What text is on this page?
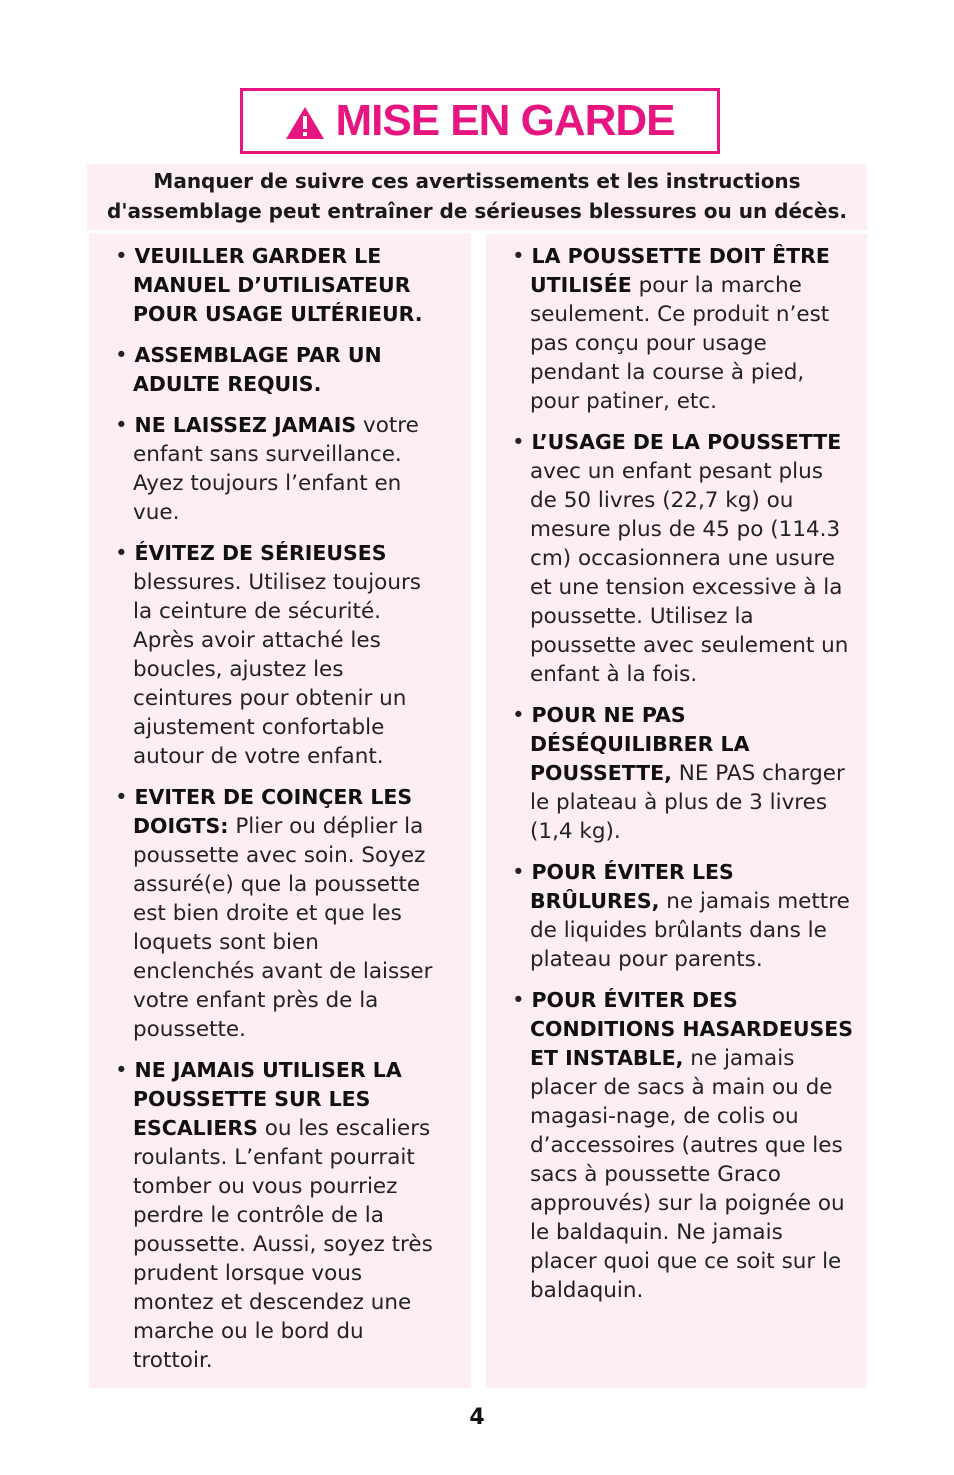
MISE EN GARDE
Manquer de suivre ces avertissements et les instructions
d'assemblage peut entraîner de sérieuses blessures ou un décès.
• VEUILLER GARDER LE MANUEL D’UTILISATEUR POUR USAGE ULTÉRIEUR.
• ASSEMBLAGE PAR UN ADULTE REQUIS.
• NE LAISSEZ JAMAIS votre enfant sans surveillance. Ayez toujours l’enfant en vue.
• ÉVITEZ DE SÉRIEUSES blessures. Utilisez toujours la ceinture de sécurité. Après avoir attaché les boucles, ajustez les ceintures pour obtenir un ajustement confortable autour de votre enfant.
• EVITER DE COINÇER LES DOIGTS: Plier ou déplier la poussette avec soin. Soyez assuré(e) que la poussette est bien droite et que les loquets sont bien enclenchés avant de laisser votre enfant près de la poussette.
• NE JAMAIS UTILISER LA POUSSETTE SUR LES ESCALIERS ou les escaliers roulants. L’enfant pourrait tomber ou vous pourriez perdre le contrôle de la poussette. Aussi, soyez très prudent lorsque vous montez et descendez une marche ou le bord du trottoir.
• LA POUSSETTE DOIT ÊTRE UTILISÉE pour la marche seulement. Ce produit n’est pas conçu pour usage pendant la course à pied, pour patiner, etc.
• L’USAGE DE LA POUSSETTE avec un enfant pesant plus de 50 livres (22,7 kg) ou mesure plus de 45 po (114.3 cm) occasionnera une usure et une tension excessive à la poussette. Utilisez la poussette avec seulement un enfant à la fois.
• POUR NE PAS DÉSÉQUILIBRER LA POUSSETTE, NE PAS charger le plateau à plus de 3 livres (1,4 kg).
• POUR ÉVITER LES BRÛLURES, ne jamais mettre de liquides brûlants dans le plateau pour parents.
• POUR ÉVITER DES CONDITIONS HASARDEUSES ET INSTABLE, ne jamais placer de sacs à main ou de magasi-nage, de colis ou d’accessoires (autres que les sacs à poussette Graco approuvés) sur la poignée ou le baldaquin. Ne jamais placer quoi que ce soit sur le baldaquin.
4
